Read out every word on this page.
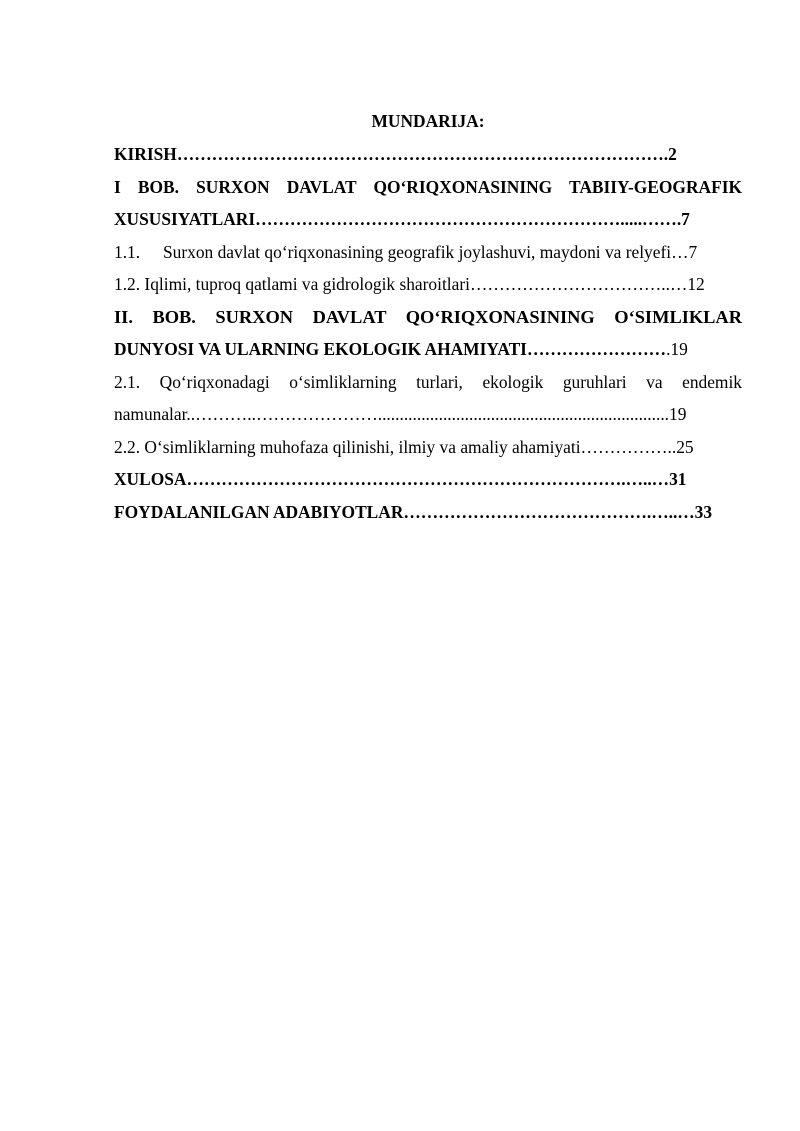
MUNDARIJA:
KIRISH………………………………………………………………………….2
I BOB. SURXON DAVLAT QO‘RIQXONASINING TABIIY-GEOGRAFIK
XUSUSIYATLARI……………………………………………………….....…….7
1.1.	Surxon davlat qo‘riqxonasining geografik joylashuvi, maydoni va relyefi…7
1.2. Iqlimi, tuproq qatlami va gidrologik sharoitlari……………………………..…12
II. BOB. SURXON DAVLAT QO‘RIQXONASINING O‘SIMLIKLAR
DUNYOSI VA ULARNING EKOLOGIK AHAMIYATI…………………… .19
2.1. Qo‘riqxonadagi o‘simliklarning turlari, ekologik guruhlari va endemik
namunalar..………..…………………...................................................................19
2.2. O‘simliklarning muhofaza qilinishi, ilmiy va amaliy ahamiyati……………..25
XULOSA………………………………………………………………….…..…31
FOYDALANILGAN ADABIYOTLAR…………………………………….…..…33
